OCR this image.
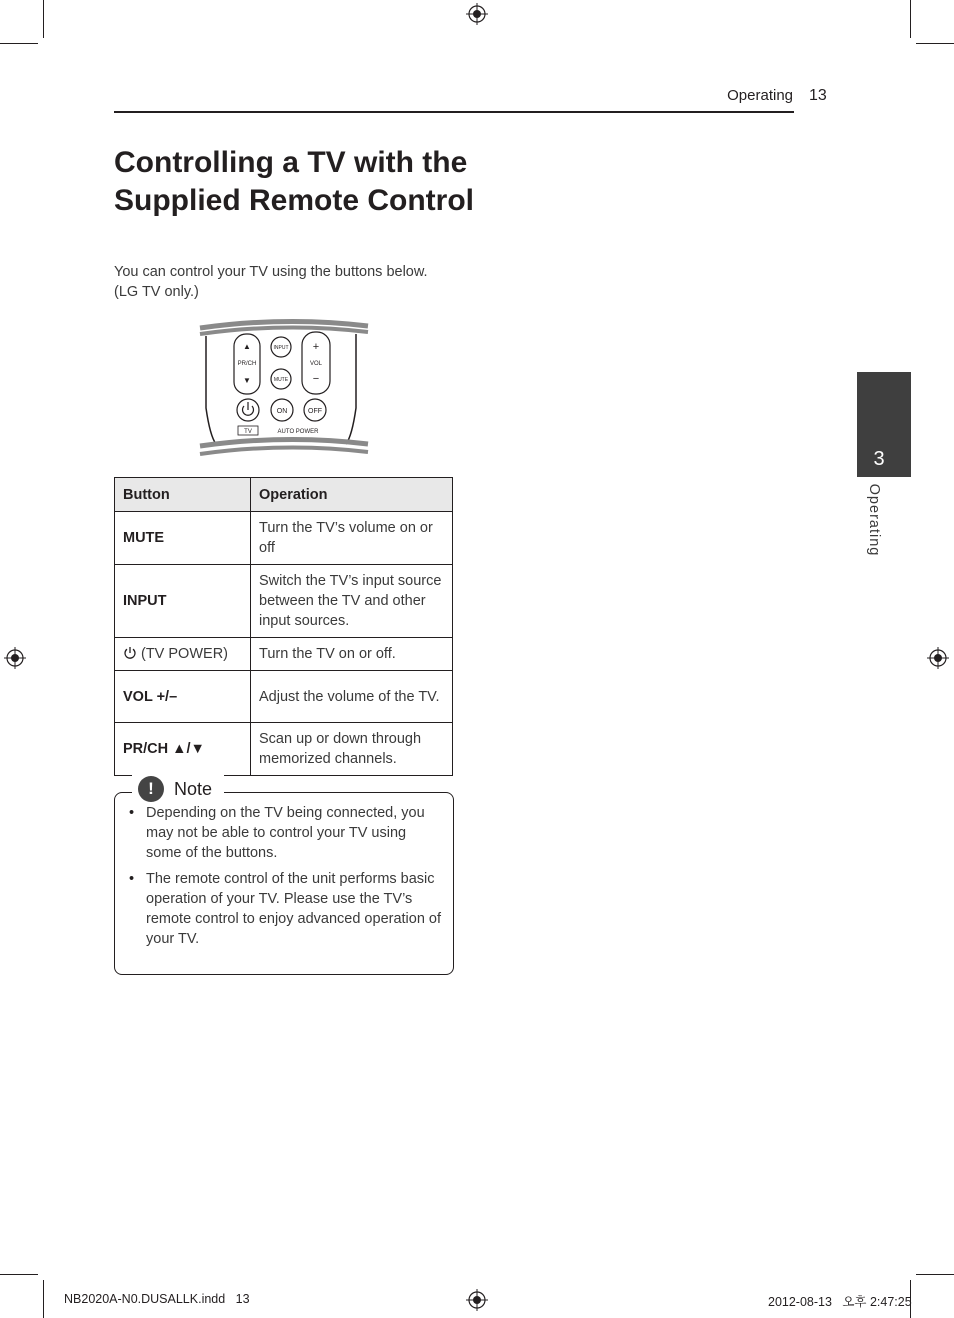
Operating 13
Controlling a TV with the Supplied Remote Control

You can control your TV using the buttons below. (LG TV only.)

▲
PR/CH
▼
INPUT
MUTE
+
VOL
−
ON	OFF
TV	AUTO POWER
Button	Operation
MUTE	Turn the TV’s volume on or off
INPUT	Switch the TV’s input source between the TV and other input sources.
(TV POWER)	Turn the TV on or off.
VOL +/–	Adjust the volume of the TV.
PR/CH ▲/▼	Scan up or down through memorized channels.
!	Note
• Depending on the TV being connected, you may not be able to control your TV using some of the buttons.
• The remote control of the unit performs basic operation of your TV. Please use the TV’s remote control to enjoy advanced operation of your TV.
3
Operating
NB2020A-N0.DUSALLK.indd   13	2012-08-13   오후 2:47:25
